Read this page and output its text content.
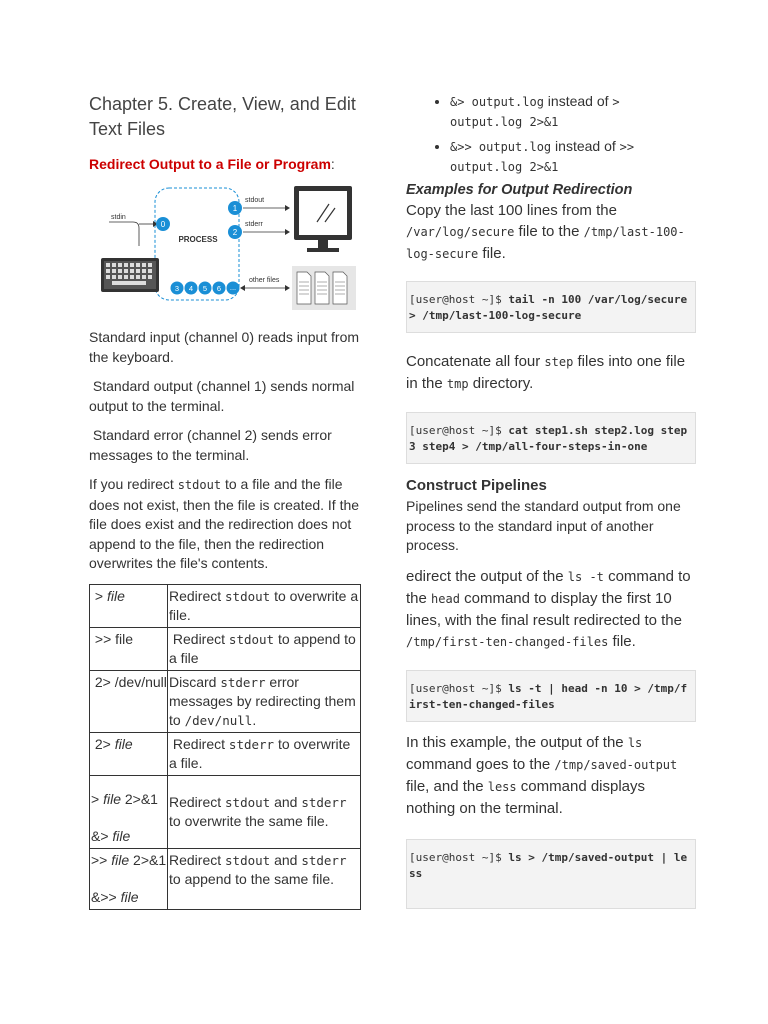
Chapter 5. Create, View, and Edit Text Files
Redirect Output to a File or Program:
PROCESS
stdin
0
1
2
stdout
stderr
3 4 5 6 ...
other files

Standard input (channel 0) reads input from the keyboard.

Standard output (channel 1) sends normal output to the terminal.

Standard error (channel 2) sends error messages to the terminal.

If you redirect stdout to a file and the file does not exist, then the file is created. If the file does exist and the redirection does not append to the file, then the redirection overwrites the file's contents.

> file	Redirect stdout to overwrite a file.
>> file	Redirect stdout to append to a file
2> /dev/null	Discard stderr error messages by redirecting them to /dev/null.
2> file	Redirect stderr to overwrite a file.
> file 2>&1
&> file	Redirect stdout and stderr to overwrite the same file.
>> file 2>&1
&>> file	Redirect stdout and stderr to append to the same file.
• &> output.log instead of > output.log 2>&1
• &>> output.log instead of >> output.log 2>&1
Examples for Output Redirection

Copy the last 100 lines from the /var/log/secure file to the /tmp/last-100-log-secure file.

[user@host ~]$ tail -n 100 /var/log/secure > /tmp/last-100-log-secure

Concatenate all four step files into one file in the tmp directory.

[user@host ~]$ cat step1.sh step2.log step3 step4 > /tmp/all-four-steps-in-one
Construct Pipelines

Pipelines send the standard output from one process to the standard input of another process.

edirect the output of the ls -t command to the head command to display the first 10 lines, with the final result redirected to the /tmp/first-ten-changed-files file.

[user@host ~]$ ls -t | head -n 10 > /tmp/first-ten-changed-files

In this example, the output of the ls command goes to the /tmp/saved-output file, and the less command displays nothing on the terminal.

[user@host ~]$ ls > /tmp/saved-output | less
